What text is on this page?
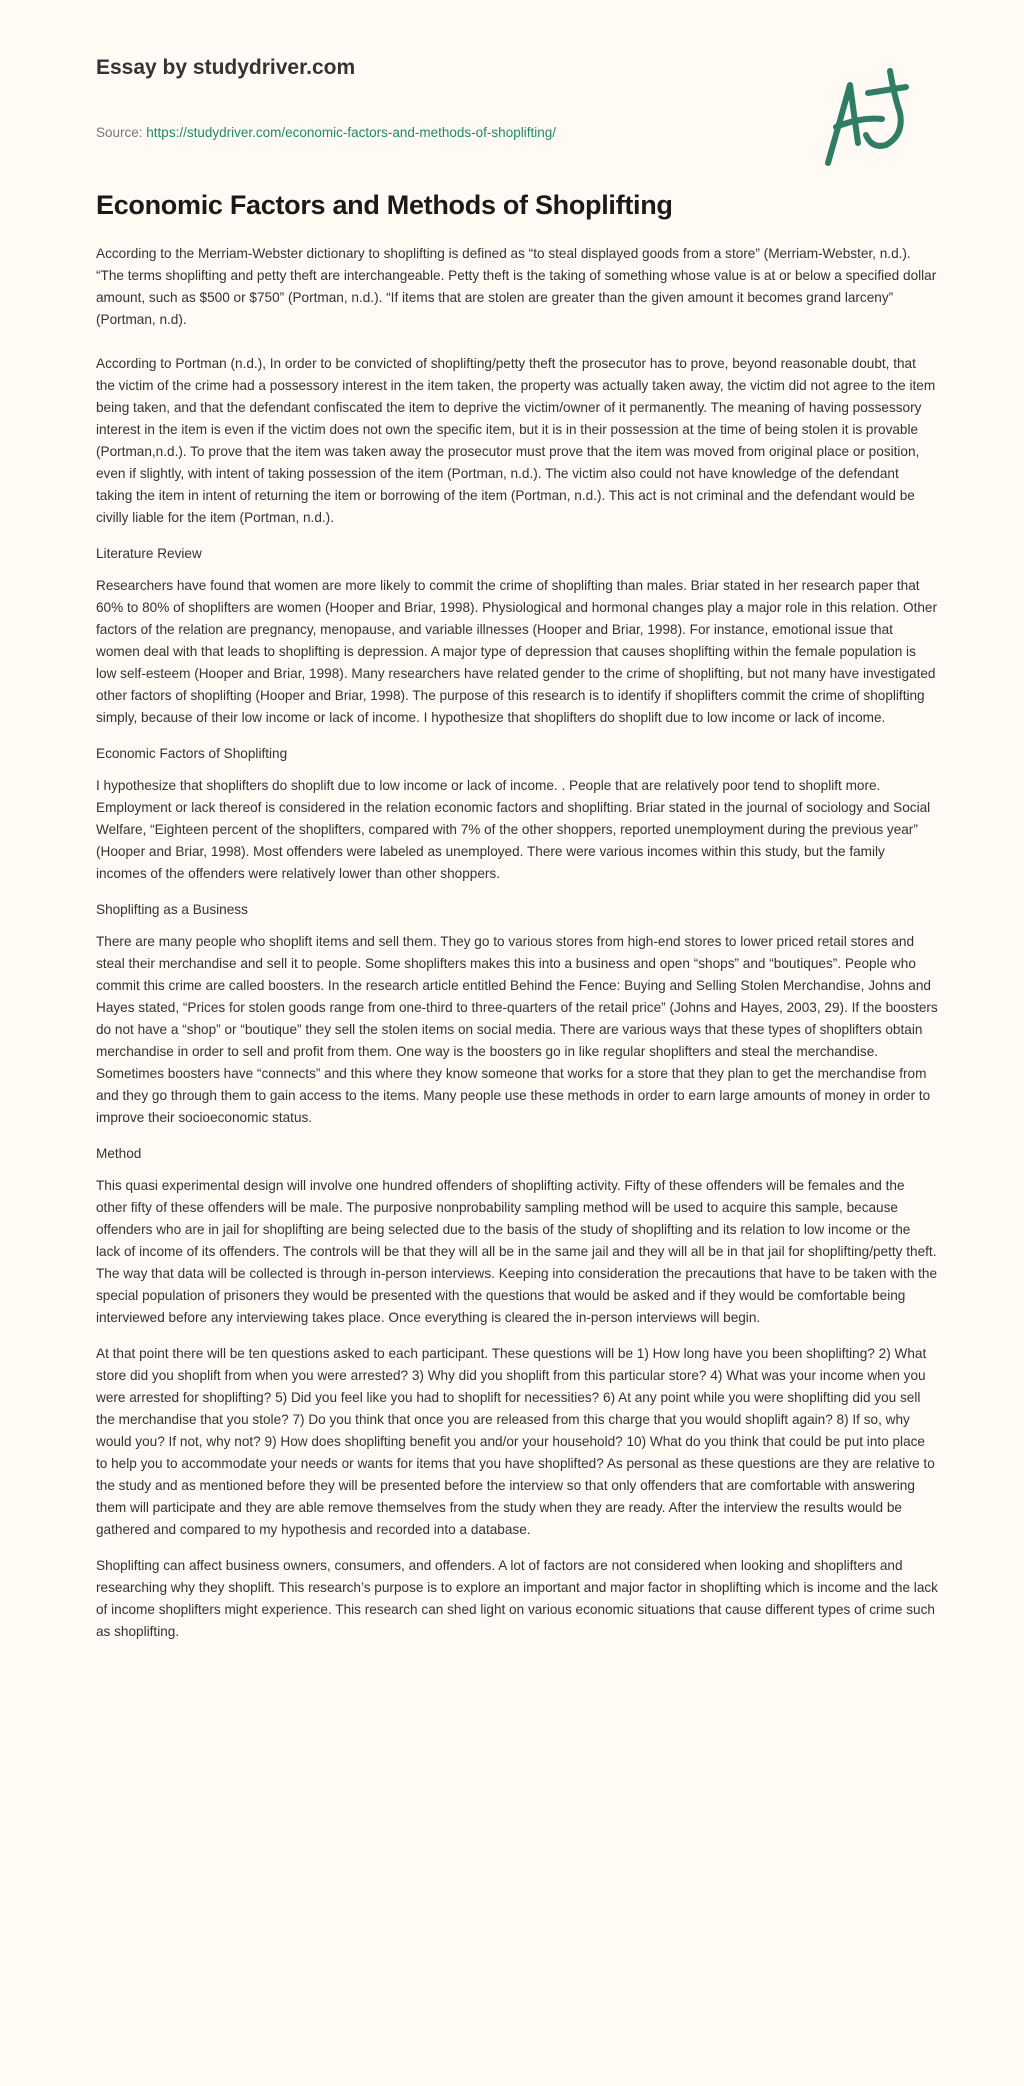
Essay by studydriver.com
Source: https://studydriver.com/economic-factors-and-methods-of-shoplifting/
Economic Factors and Methods of Shoplifting

According to the Merriam-Webster dictionary to shoplifting is defined as “to steal displayed goods from a store” (Merriam-Webster, n.d.). “The terms shoplifting and petty theft are interchangeable. Petty theft is the taking of something whose value is at or below a specified dollar amount, such as $500 or $750” (Portman, n.d.). “If items that are stolen are greater than the given amount it becomes grand larceny” (Portman, n.d).

According to Portman (n.d.), In order to be convicted of shoplifting/petty theft the prosecutor has to prove, beyond reasonable doubt, that the victim of the crime had a possessory interest in the item taken, the property was actually taken away, the victim did not agree to the item being taken, and that the defendant confiscated the item to deprive the victim/owner of it permanently. The meaning of having possessory interest in the item is even if the victim does not own the specific item, but it is in their possession at the time of being stolen it is provable (Portman,n.d.). To prove that the item was taken away the prosecutor must prove that the item was moved from original place or position, even if slightly, with intent of taking possession of the item (Portman, n.d.). The victim also could not have knowledge of the defendant taking the item in intent of returning the item or borrowing of the item (Portman, n.d.). This act is not criminal and the defendant would be civilly liable for the item (Portman, n.d.).

Literature Review

Researchers have found that women are more likely to commit the crime of shoplifting than males. Briar stated in her research paper that 60% to 80% of shoplifters are women (Hooper and Briar, 1998). Physiological and hormonal changes play a major role in this relation. Other factors of the relation are pregnancy, menopause, and variable illnesses (Hooper and Briar, 1998). For instance, emotional issue that women deal with that leads to shoplifting is depression. A major type of depression that causes shoplifting within the female population is low self-esteem (Hooper and Briar, 1998). Many researchers have related gender to the crime of shoplifting, but not many have investigated other factors of shoplifting (Hooper and Briar, 1998). The purpose of this research is to identify if shoplifters commit the crime of shoplifting simply, because of their low income or lack of income. I hypothesize that shoplifters do shoplift due to low income or lack of income.

Economic Factors of Shoplifting

I hypothesize that shoplifters do shoplift due to low income or lack of income. . People that are relatively poor tend to shoplift more. Employment or lack thereof is considered in the relation economic factors and shoplifting. Briar stated in the journal of sociology and Social Welfare, “Eighteen percent of the shoplifters, compared with 7% of the other shoppers, reported unemployment during the previous year” (Hooper and Briar, 1998). Most offenders were labeled as unemployed. There were various incomes within this study, but the family incomes of the offenders were relatively lower than other shoppers.

Shoplifting as a Business

There are many people who shoplift items and sell them. They go to various stores from high-end stores to lower priced retail stores and steal their merchandise and sell it to people. Some shoplifters makes this into a business and open “shops” and “boutiques”. People who commit this crime are called boosters. In the research article entitled Behind the Fence: Buying and Selling Stolen Merchandise, Johns and Hayes stated, “Prices for stolen goods range from one-third to three-quarters of the retail price” (Johns and Hayes, 2003, 29). If the boosters do not have a “shop” or “boutique” they sell the stolen items on social media. There are various ways that these types of shoplifters obtain merchandise in order to sell and profit from them. One way is the boosters go in like regular shoplifters and steal the merchandise. Sometimes boosters have “connects” and this where they know someone that works for a store that they plan to get the merchandise from and they go through them to gain access to the items. Many people use these methods in order to earn large amounts of money in order to improve their socioeconomic status.

Method

This quasi experimental design will involve one hundred offenders of shoplifting activity. Fifty of these offenders will be females and the other fifty of these offenders will be male. The purposive nonprobability sampling method will be used to acquire this sample, because offenders who are in jail for shoplifting are being selected due to the basis of the study of shoplifting and its relation to low income or the lack of income of its offenders. The controls will be that they will all be in the same jail and they will all be in that jail for shoplifting/petty theft. The way that data will be collected is through in-person interviews. Keeping into consideration the precautions that have to be taken with the special population of prisoners they would be presented with the questions that would be asked and if they would be comfortable being interviewed before any interviewing takes place. Once everything is cleared the in-person interviews will begin.

At that point there will be ten questions asked to each participant. These questions will be 1) How long have you been shoplifting? 2) What store did you shoplift from when you were arrested? 3) Why did you shoplift from this particular store? 4) What was your income when you were arrested for shoplifting? 5) Did you feel like you had to shoplift for necessities? 6) At any point while you were shoplifting did you sell the merchandise that you stole? 7) Do you think that once you are released from this charge that you would shoplift again? 8) If so, why would you? If not, why not? 9) How does shoplifting benefit you and/or your household? 10) What do you think that could be put into place to help you to accommodate your needs or wants for items that you have shoplifted? As personal as these questions are they are relative to the study and as mentioned before they will be presented before the interview so that only offenders that are comfortable with answering them will participate and they are able remove themselves from the study when they are ready. After the interview the results would be gathered and compared to my hypothesis and recorded into a database.

Shoplifting can affect business owners, consumers, and offenders. A lot of factors are not considered when looking and shoplifters and researching why they shoplift. This research’s purpose is to explore an important and major factor in shoplifting which is income and the lack of income shoplifters might experience. This research can shed light on various economic situations that cause different types of crime such as shoplifting.
